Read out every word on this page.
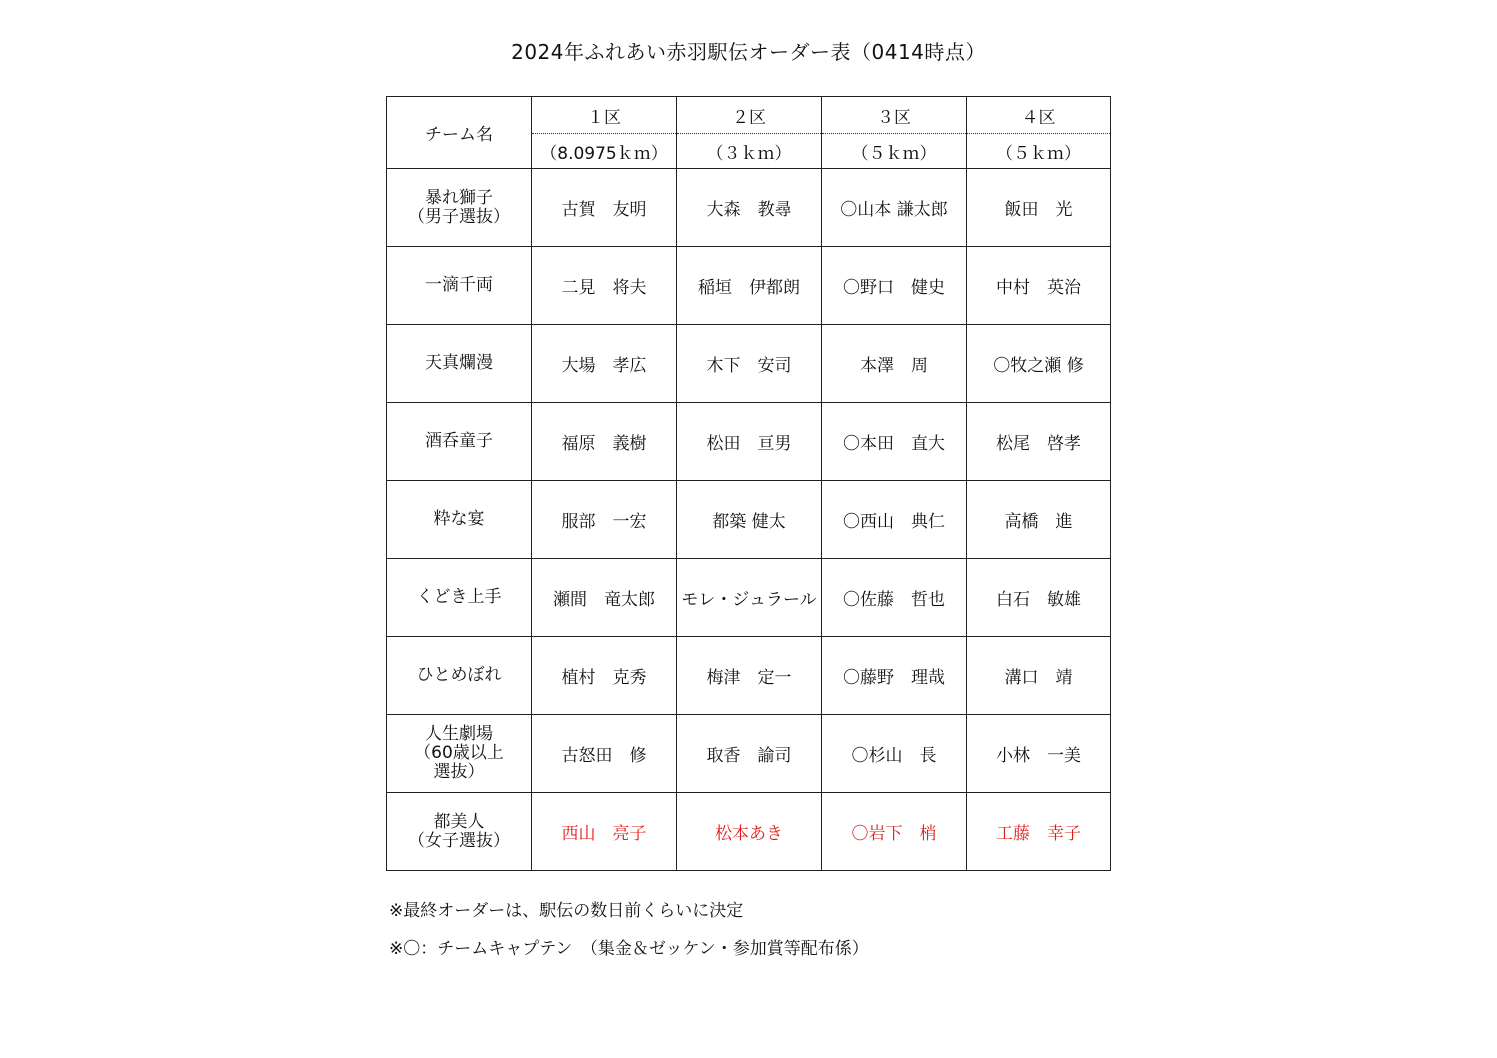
2024年ふれあい赤羽駅伝オーダー表（0414時点）
チーム名	１区	２区	３区	４区
	（8.0975ｋｍ）	（３ｋｍ）	（５ｋｍ）	（５ｋｍ）

暴れ獅子
（男子選抜）	古賀　友明	大森　教尋	〇山本 謙太郎	飯田　光

一滴千両	二見　将夫	稲垣　伊都朗	〇野口　健史	中村　英治

天真爛漫	大場　孝広	木下　安司	本澤　周	〇牧之瀬 修

酒呑童子	福原　義樹	松田　亘男	〇本田　直大	松尾　啓孝

粋な宴	服部　一宏	都築 健太	〇西山　典仁	高橋　進

くどき上手	瀬間　竜太郎	モレ・ジュラール	〇佐藤　哲也	白石　敏雄

ひとめぼれ	植村　克秀	梅津　定一	〇藤野　理哉	溝口　靖

人生劇場
（60歳以上
選抜）	古怒田　修	取香　諭司	〇杉山　長	小林　一美

都美人
（女子選抜）	西山　亮子	松本あき	〇岩下　梢	工藤　幸子
※最終オーダーは、駅伝の数日前くらいに決定
※〇：チームキャプテン　（集金＆ゼッケン・参加賞等配布係）
